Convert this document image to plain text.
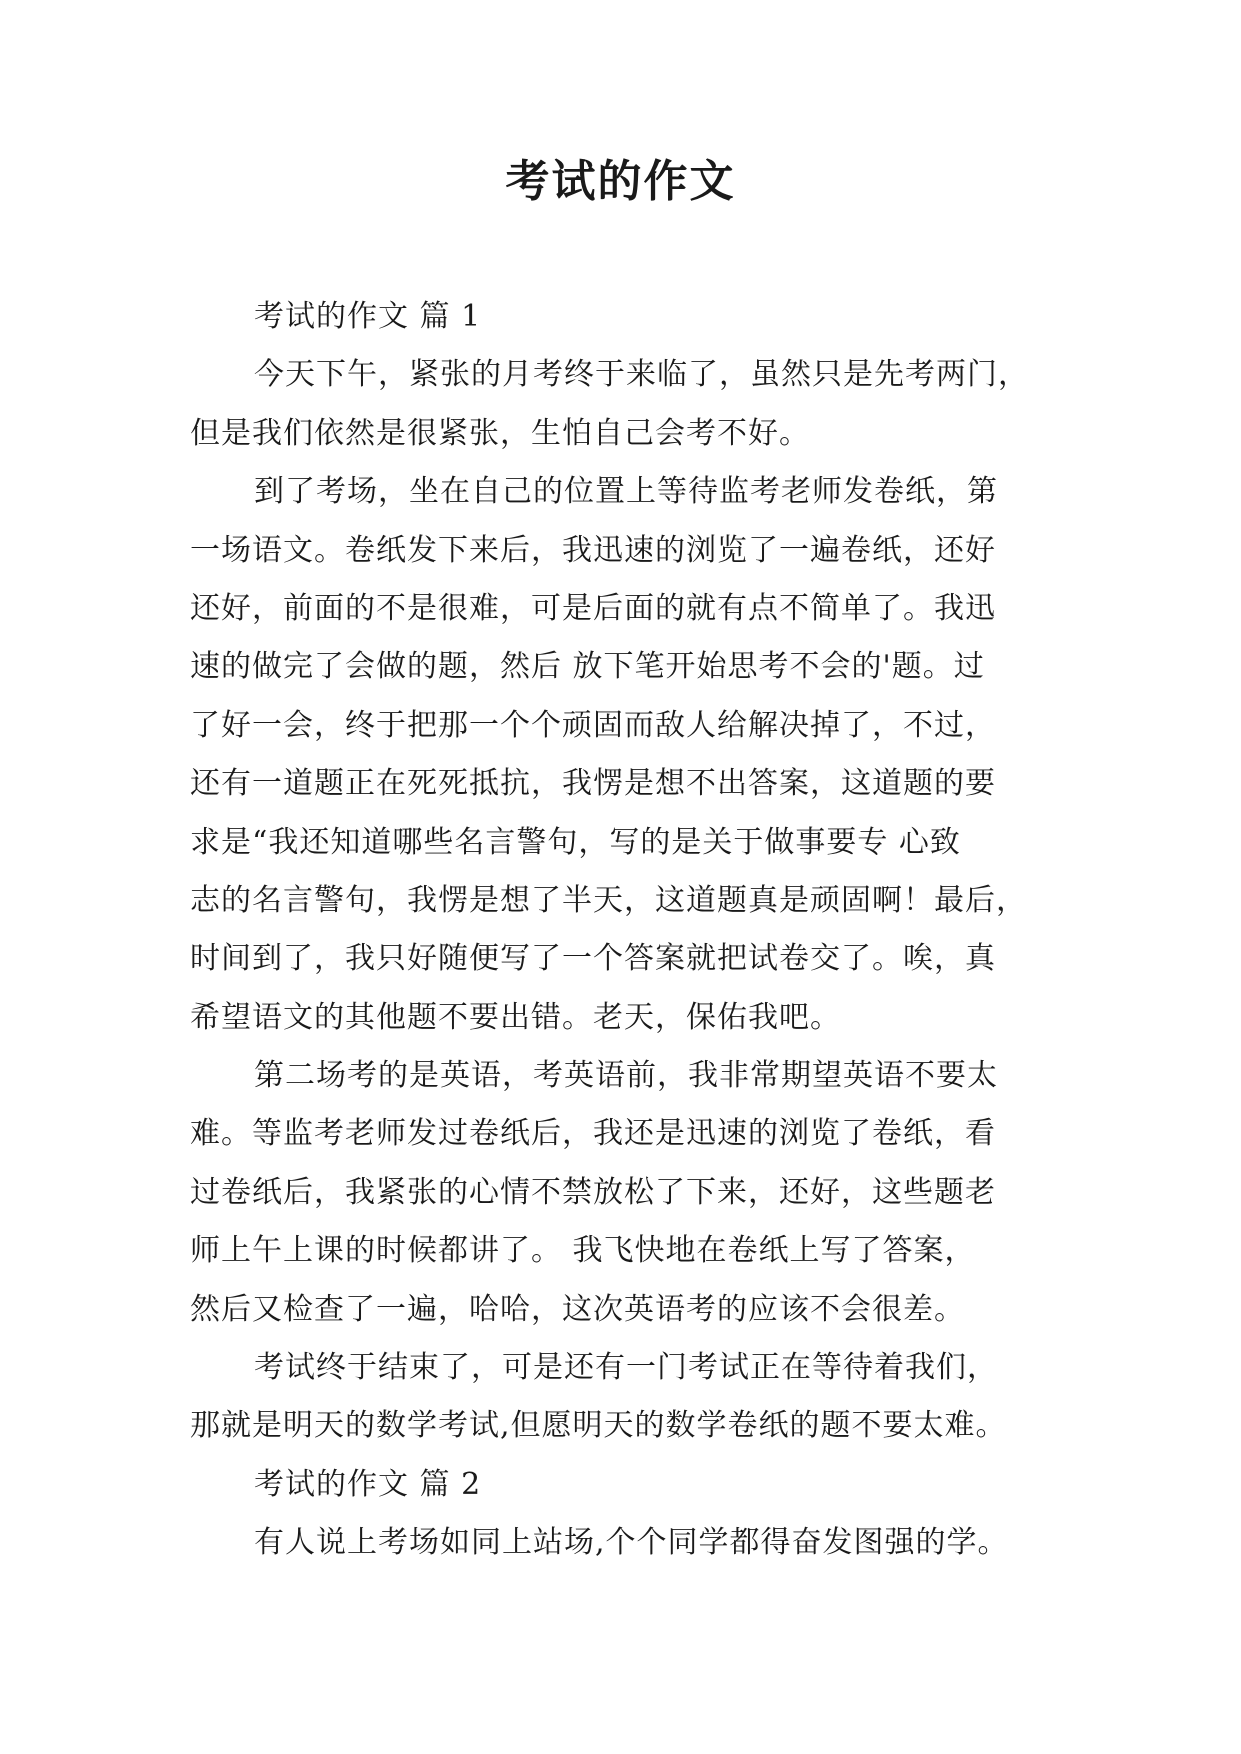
考试的作文
考试的作文 篇 1
今天下午，紧张的月考终于来临了，虽然只是先考两门，
但是我们依然是很紧张，生怕自己会考不好。
到了考场，坐在自己的位置上等待监考老师发卷纸，第
一场语文。卷纸发下来后，我迅速的浏览了一遍卷纸，还好
还好，前面的不是很难，可是后面的就有点不简单了。我迅
速的做完了会做的题，然后 放下笔开始思考不会的'题。过
了好一会，终于把那一个个顽固而敌人给解决掉了，不过，
还有一道题正在死死抵抗，我愣是想不出答案，这道题的要
求是“我还知道哪些名言警句，写的是关于做事要专 心致
志的名言警句，我愣是想了半天，这道题真是顽固啊！最后，
时间到了，我只好随便写了一个答案就把试卷交了。唉，真
希望语文的其他题不要出错。老天，保佑我吧。
第二场考的是英语，考英语前，我非常期望英语不要太
难。等监考老师发过卷纸后，我还是迅速的浏览了卷纸，看
过卷纸后，我紧张的心情不禁放松了下来，还好，这些题老
师上午上课的时候都讲了。 我飞快地在卷纸上写了答案，
然后又检查了一遍，哈哈，这次英语考的应该不会很差。
考试终于结束了，可是还有一门考试正在等待着我们，
那就是明天的数学考试,但愿明天的数学卷纸的题不要太难。
考试的作文 篇 2
有人说上考场如同上站场,个个同学都得奋发图强的学。
